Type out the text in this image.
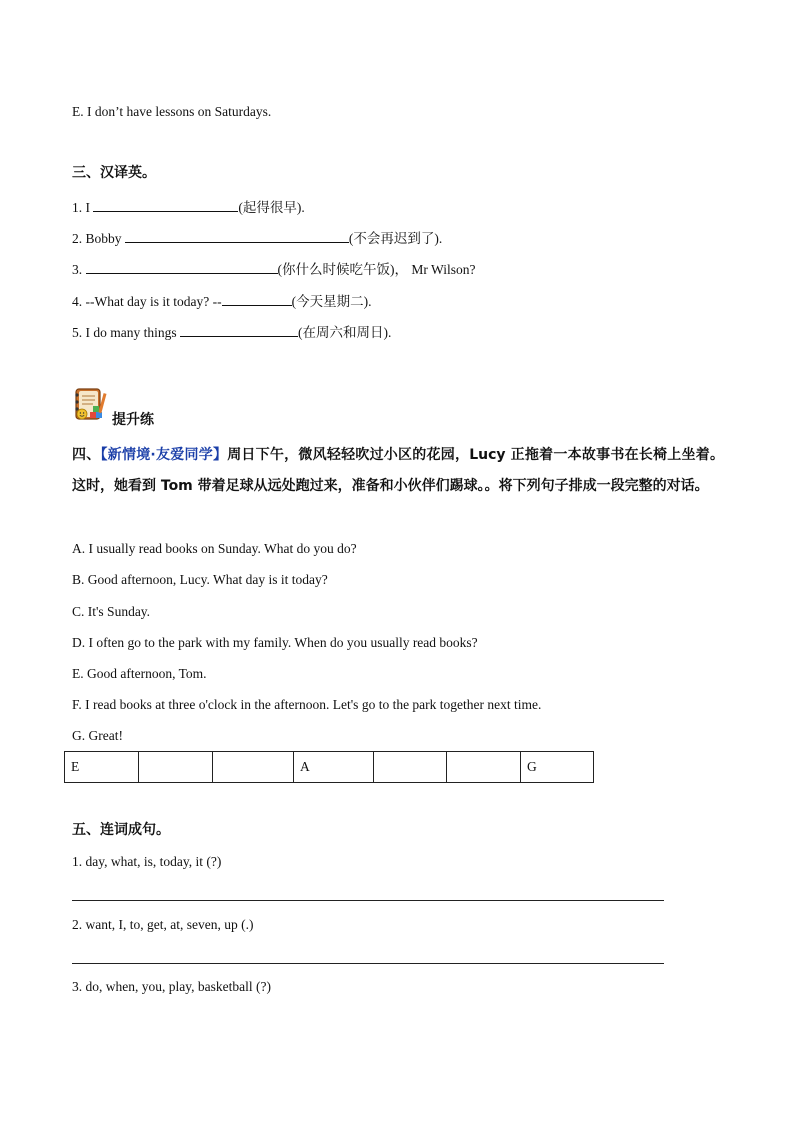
E. I don’t have lessons on Saturdays.
三、汉译英。
1. I	(起得很早).
2. Bobby	(不会再迟到了).
3.	(你什么时候吃午饭)， Mr Wilson?
4. --What day is it today? --	(今天星期二).
5. I do many things	(在周六和周日).
提升练
四、【新情境·友爱同学】周日下午，微风轻轻吹过小区的花园，Lucy 正拖着一本故事书在长椅上坐着。这时，她看到 Tom 带着足球从远处跑过来，准备和小伙伴们踢球。。将下列句子排成一段完整的对话。
A. I usually read books on Sunday. What do you do?
B. Good afternoon, Lucy. What day is it today?
C. It's Sunday.
D. I often go to the park with my family. When do you usually read books?
E. Good afternoon, Tom.
F. I read books at three o'clock in the afternoon. Let's go to the park together next time.
G. Great!
E			A			G
五、连词成句。
1. day, what, is, today, it (?)
2. want, I, to, get, at, seven, up (.)
3. do, when, you, play, basketball (?)
